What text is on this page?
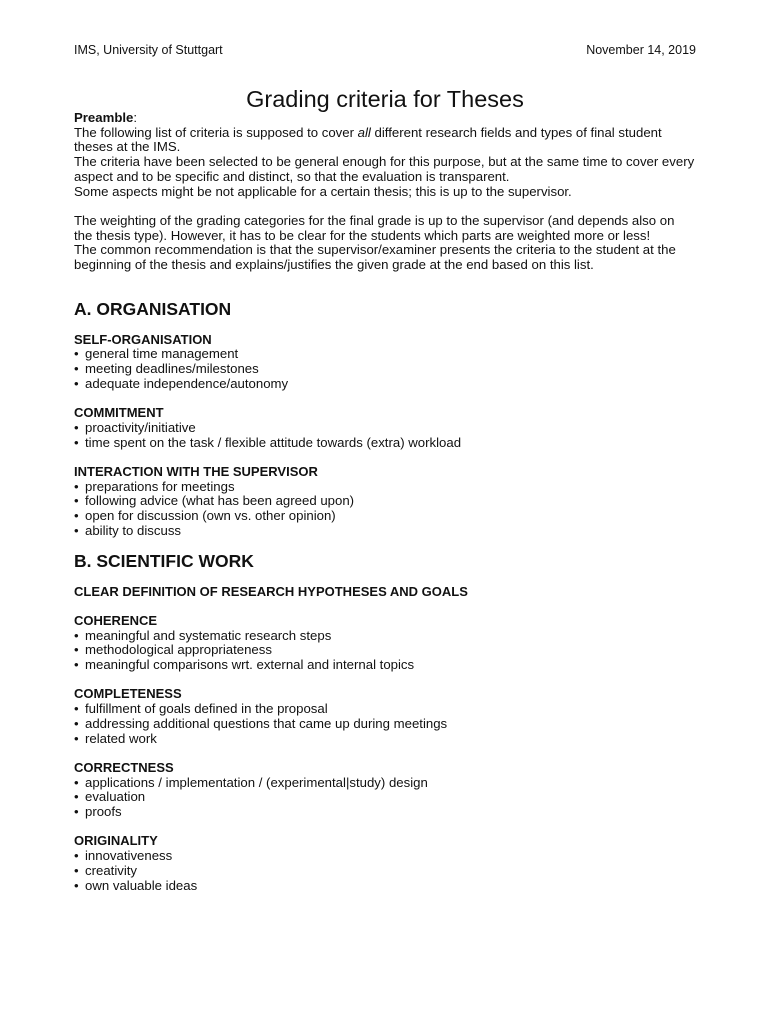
IMS, University of Stuttgart	November 14, 2019
Grading criteria for Theses

Preamble:

The following list of criteria is supposed to cover all different research fields and types of final student theses at the IMS.

The criteria have been selected to be general enough for this purpose, but at the same time to cover every aspect and to be specific and distinct, so that the evaluation is transparent.

Some aspects might be not applicable for a certain thesis; this is up to the supervisor.

The weighting of the grading categories for the final grade is up to the supervisor (and depends also on the thesis type). However, it has to be clear for the students which parts are weighted more or less!

The common recommendation is that the supervisor/examiner presents the criteria to the student at the beginning of the thesis and explains/justifies the given grade at the end based on this list.

A. ORGANISATION
SELF-ORGANISATION
• general time management
• meeting deadlines/milestones
• adequate independence/autonomy
COMMITMENT
• proactivity/initiative
• time spent on the task / flexible attitude towards (extra) workload
INTERACTION WITH THE SUPERVISOR
• preparations for meetings
• following advice (what has been agreed upon)
• open for discussion (own vs. other opinion)
• ability to discuss
B. SCIENTIFIC WORK
CLEAR DEFINITION OF RESEARCH HYPOTHESES AND GOALS
COHERENCE
• meaningful and systematic research steps
• methodological appropriateness
• meaningful comparisons wrt. external and internal topics
COMPLETENESS
• fulfillment of goals defined in the proposal
• addressing additional questions that came up during meetings
• related work
CORRECTNESS
• applications / implementation / (experimental|study) design
• evaluation
• proofs
ORIGINALITY
• innovativeness
• creativity
• own valuable ideas
